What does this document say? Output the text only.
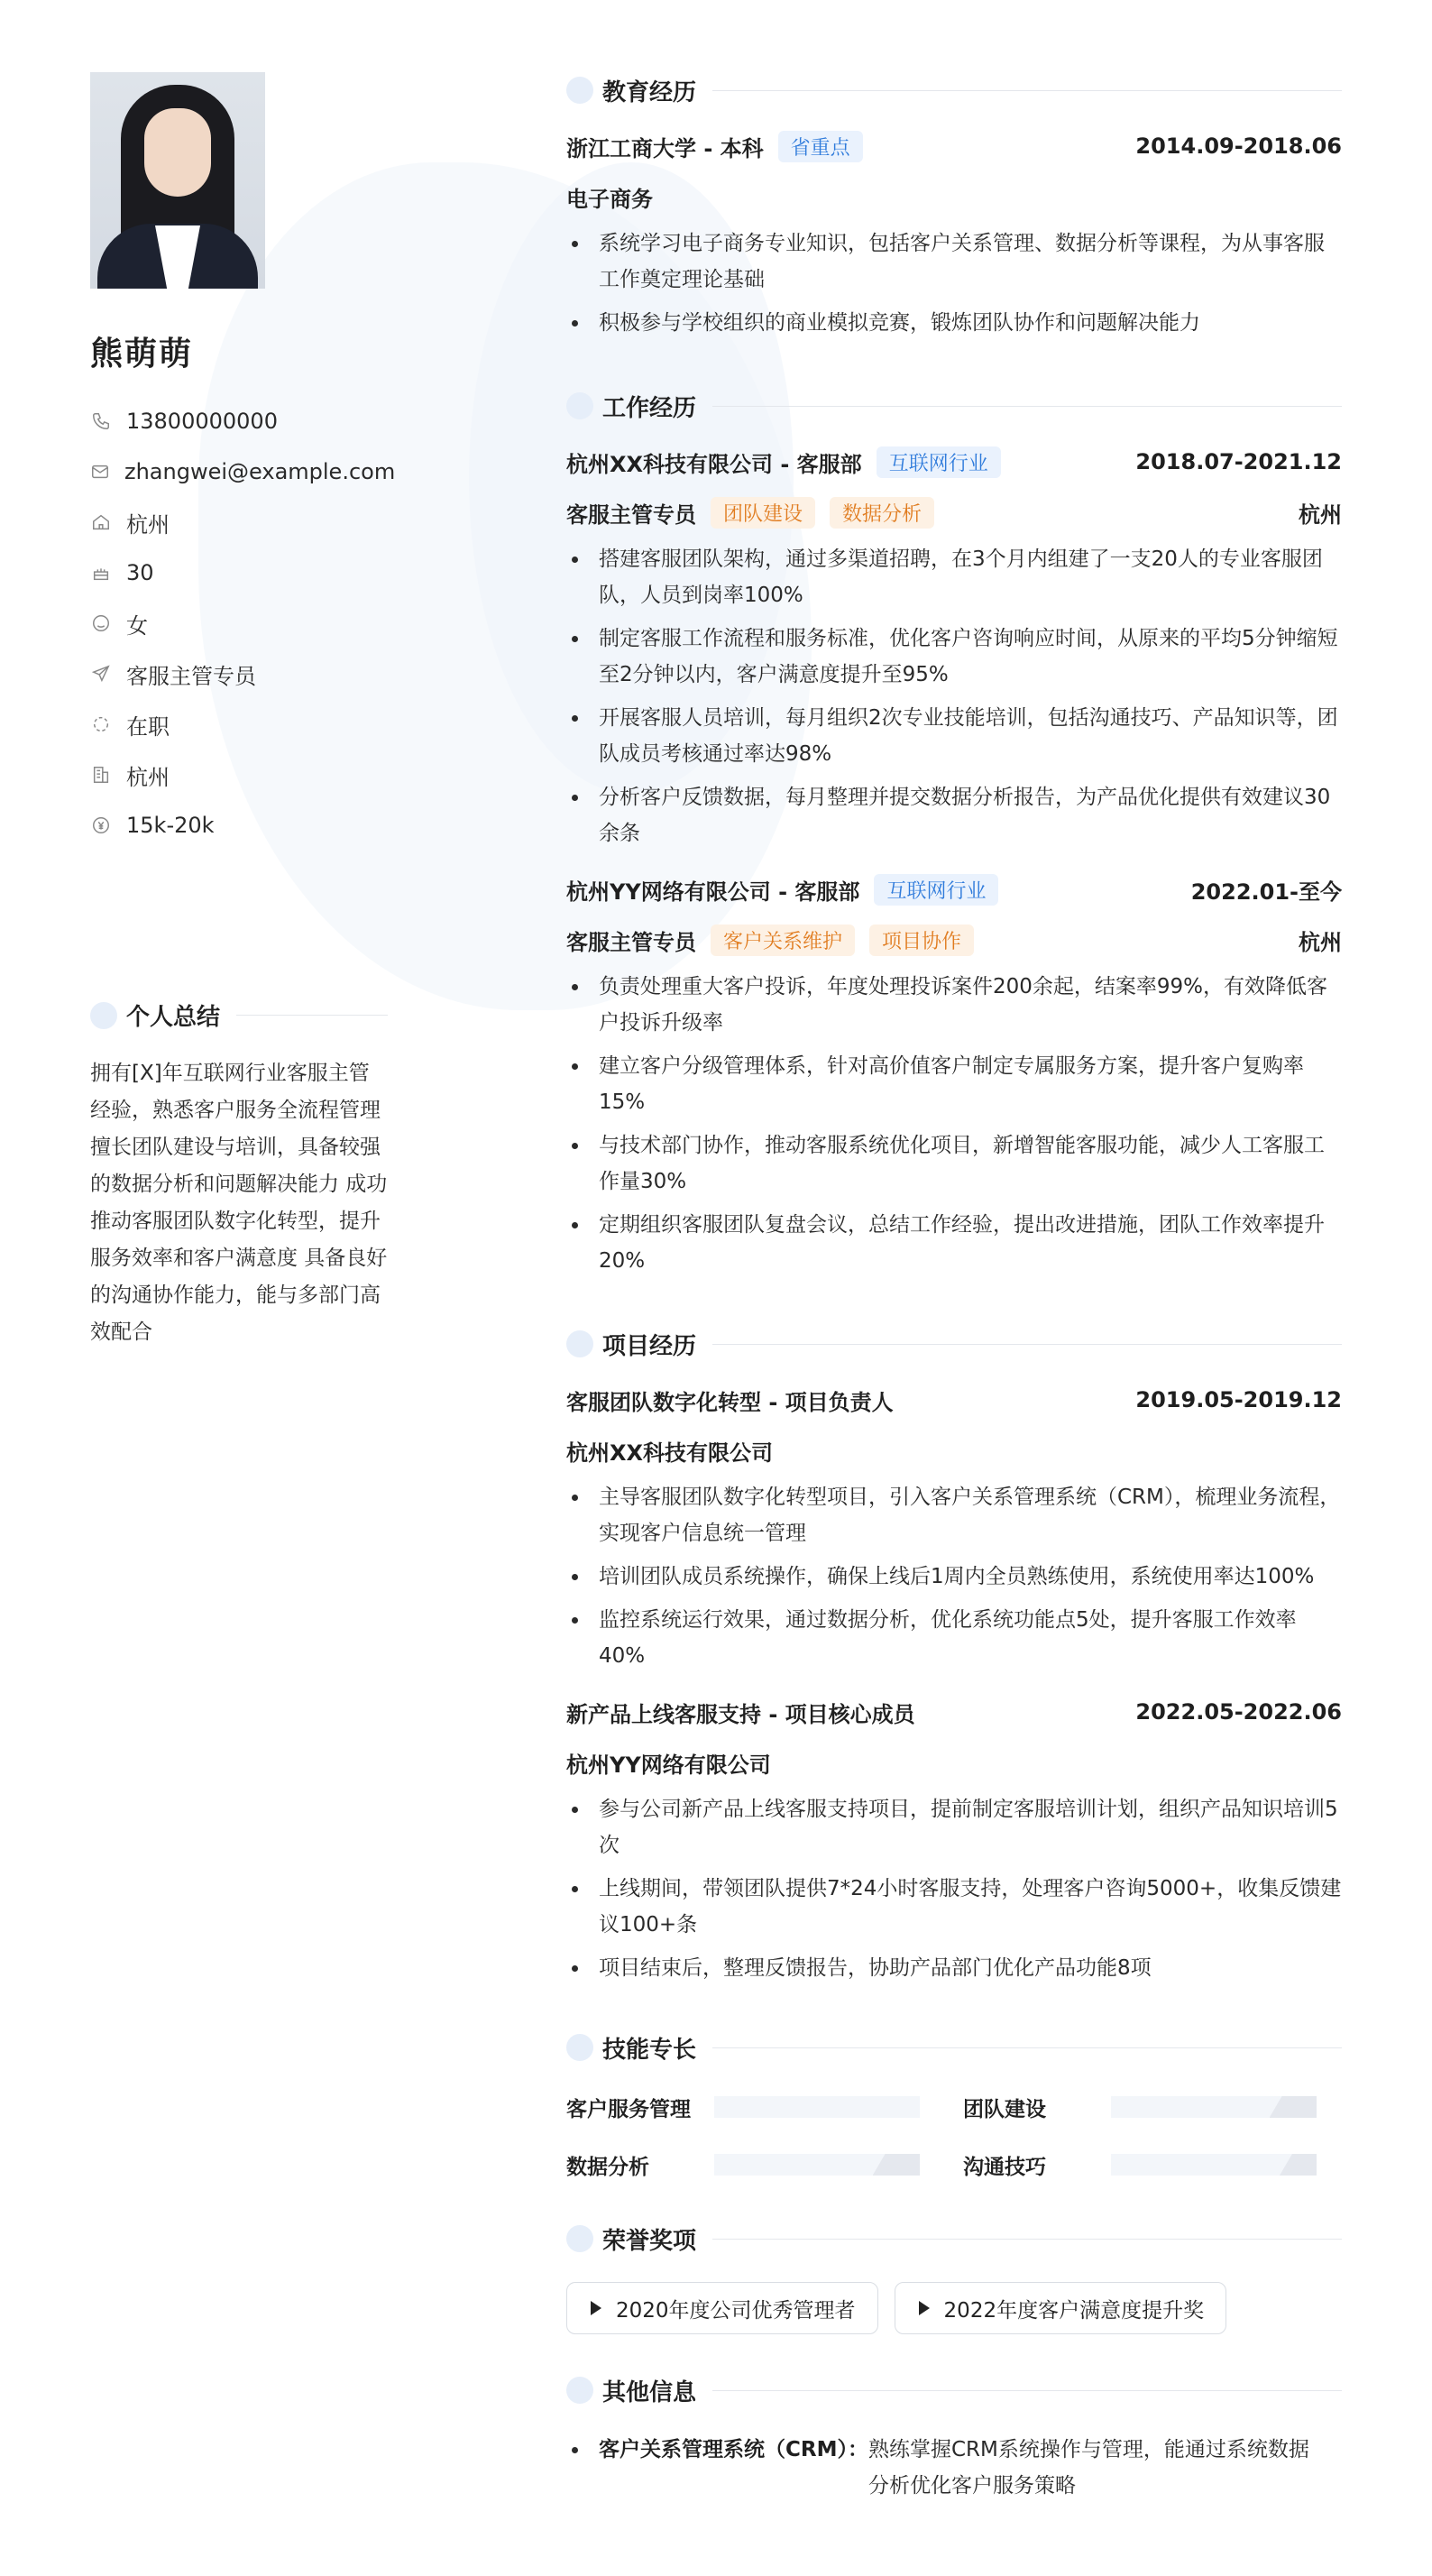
熊萌萌
13800000000
zhangwei@example.com
杭州
30
女
客服主管专员
在职
杭州
15k-20k
个人总结

拥有[X]年互联网行业客服主管经验，熟悉客户服务全流程管理 擅长团队建设与培训，具备较强的数据分析和问题解决能力 成功推动客服团队数字化转型，提升服务效率和客户满意度 具备良好的沟通协作能力，能与多部门高效配合

教育经历
浙江工商大学 - 本科	省重点	2014.09-2018.06
电子商务
系统学习电子商务专业知识，包括客户关系管理、数据分析等课程，为从事客服工作奠定理论基础
积极参与学校组织的商业模拟竞赛，锻炼团队协作和问题解决能力
工作经历
杭州XX科技有限公司 - 客服部	互联网行业	2018.07-2021.12
客服主管专员	团队建设	数据分析	杭州
搭建客服团队架构，通过多渠道招聘，在3个月内组建了一支20人的专业客服团队，人员到岗率100%
制定客服工作流程和服务标准，优化客户咨询响应时间，从原来的平均5分钟缩短至2分钟以内，客户满意度提升至95%
开展客服人员培训，每月组织2次专业技能培训，包括沟通技巧、产品知识等，团队成员考核通过率达98%
分析客户反馈数据，每月整理并提交数据分析报告，为产品优化提供有效建议30余条
杭州YY网络有限公司 - 客服部	互联网行业	2022.01-至今
客服主管专员	客户关系维护	项目协作	杭州
负责处理重大客户投诉，年度处理投诉案件200余起，结案率99%，有效降低客户投诉升级率
建立客户分级管理体系，针对高价值客户制定专属服务方案，提升客户复购率15%
与技术部门协作，推动客服系统优化项目，新增智能客服功能，减少人工客服工作量30%
定期组织客服团队复盘会议，总结工作经验，提出改进措施，团队工作效率提升20%
项目经历
客服团队数字化转型 - 项目负责人	2019.05-2019.12
杭州XX科技有限公司
主导客服团队数字化转型项目，引入客户关系管理系统（CRM），梳理业务流程，实现客户信息统一管理
培训团队成员系统操作，确保上线后1周内全员熟练使用，系统使用率达100%
监控系统运行效果，通过数据分析，优化系统功能点5处，提升客服工作效率40%
新产品上线客服支持 - 项目核心成员	2022.05-2022.06
杭州YY网络有限公司
参与公司新产品上线客服支持项目，提前制定客服培训计划，组织产品知识培训5次
上线期间，带领团队提供7*24小时客服支持，处理客户咨询5000+，收集反馈建议100+条
项目结束后，整理反馈报告，协助产品部门优化产品功能8项
技能专长
客户服务管理	团队建设
数据分析	沟通技巧
荣誉奖项
2020年度公司优秀管理者	2022年度客户满意度提升奖
其他信息
客户关系管理系统（CRM）： 熟练掌握CRM系统操作与管理，能通过系统数据分析优化客户服务策略
